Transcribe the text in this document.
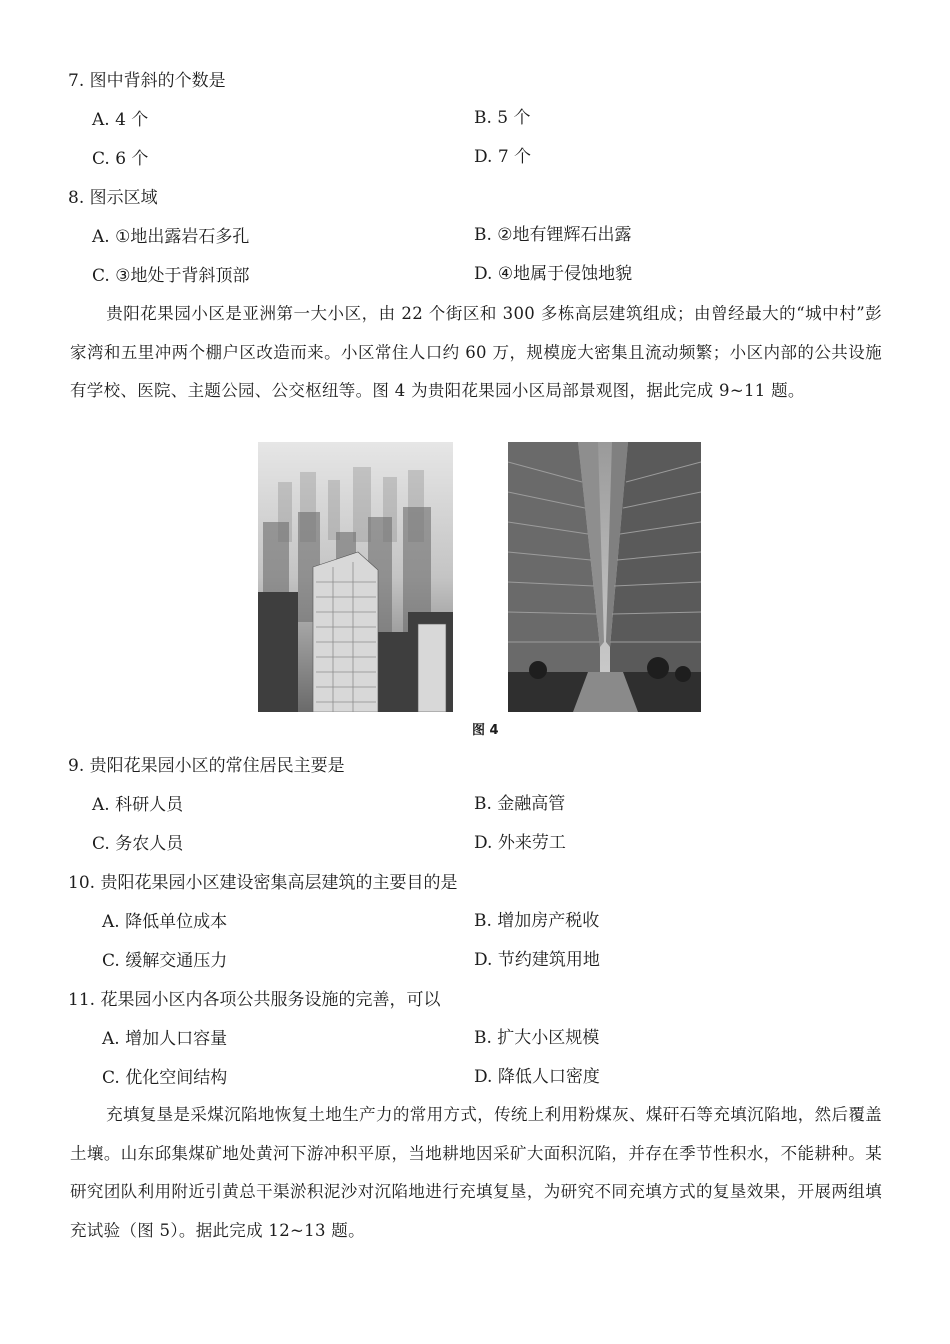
7. 图中背斜的个数是
A. 4 个	B. 5 个
C. 6 个	D. 7 个
8. 图示区域
A. ①地出露岩石多孔	B. ②地有锂辉石出露
C. ③地处于背斜顶部	D. ④地属于侵蚀地貌
贵阳花果园小区是亚洲第一大小区，由 22 个街区和 300 多栋高层建筑组成；由曾经最大的“城中村”彭家湾和五里冲两个棚户区改造而来。小区常住人口约 60 万，规模庞大密集且流动频繁；小区内部的公共设施有学校、医院、主题公园、公交枢纽等。图 4 为贵阳花果园小区局部景观图，据此完成 9~11 题。
图 4
9. 贵阳花果园小区的常住居民主要是
A. 科研人员	B. 金融高管
C. 务农人员	D. 外来劳工
10. 贵阳花果园小区建设密集高层建筑的主要目的是
A. 降低单位成本	B. 增加房产税收
C. 缓解交通压力	D. 节约建筑用地
11. 花果园小区内各项公共服务设施的完善，可以
A. 增加人口容量	B. 扩大小区规模
C. 优化空间结构	D. 降低人口密度
充填复垦是采煤沉陷地恢复土地生产力的常用方式，传统上利用粉煤灰、煤矸石等充填沉陷地，然后覆盖土壤。山东邱集煤矿地处黄河下游冲积平原，当地耕地因采矿大面积沉陷，并存在季节性积水，不能耕种。某研究团队利用附近引黄总干渠淤积泥沙对沉陷地进行充填复垦，为研究不同充填方式的复垦效果，开展两组填充试验（图 5）。据此完成 12~13 题。
